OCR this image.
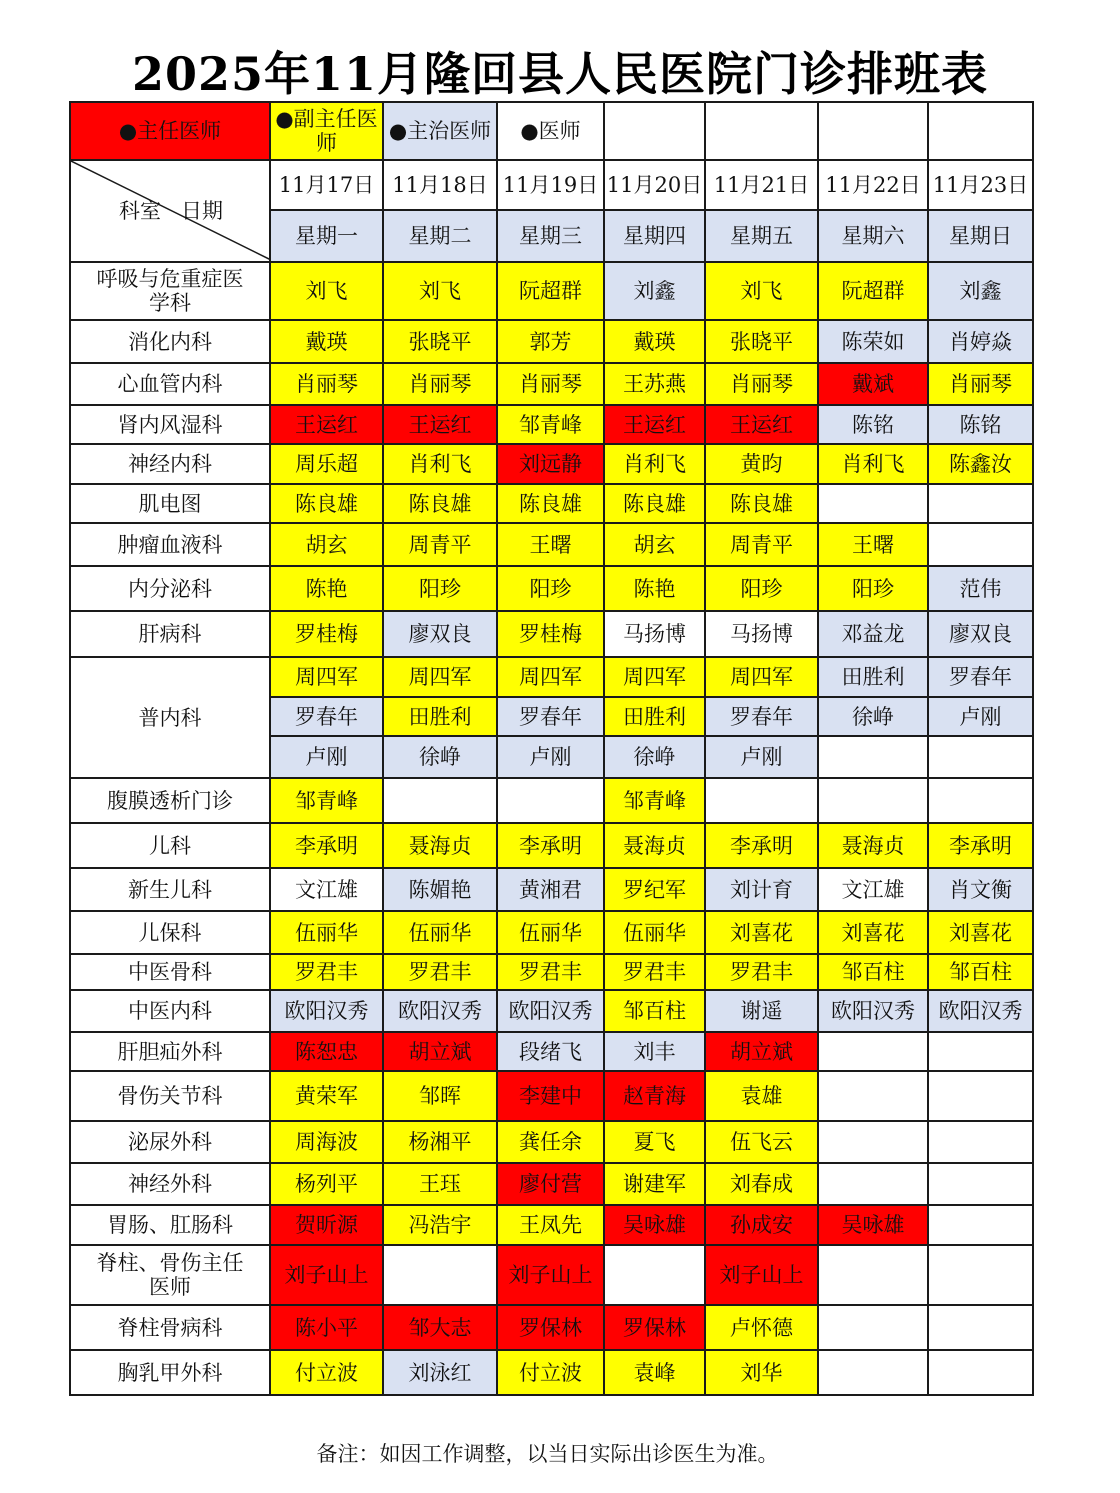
2025年11月隆回县人民医院门诊排班表
●主任医师	●副主任医师	●主治医师	●医师				

科室 日期	11月17日	11月18日	11月19日	11月20日	11月21日	11月22日	11月23日
	星期一	星期二	星期三	星期四	星期五	星期六	星期日
呼吸与危重症医学科	刘飞	刘飞	阮超群	刘鑫	刘飞	阮超群	刘鑫
消化内科	戴瑛	张晓平	郭芳	戴瑛	张晓平	陈荣如	肖婷焱
心血管内科	肖丽琴	肖丽琴	肖丽琴	王苏燕	肖丽琴	戴斌	肖丽琴
肾内风湿科	王运红	王运红	邹青峰	王运红	王运红	陈铭	陈铭
神经内科	周乐超	肖利飞	刘远静	肖利飞	黄昀	肖利飞	陈鑫汝
肌电图	陈良雄	陈良雄	陈良雄	陈良雄	陈良雄		
肿瘤血液科	胡玄	周青平	王曙	胡玄	周青平	王曙	
内分泌科	陈艳	阳珍	阳珍	陈艳	阳珍	阳珍	范伟
肝病科	罗桂梅	廖双良	罗桂梅	马扬博	马扬博	邓益龙	廖双良
普内科	周四军	周四军	周四军	周四军	周四军	田胜利	罗春年
	罗春年	田胜利	罗春年	田胜利	罗春年	徐峥	卢刚
	卢刚	徐峥	卢刚	徐峥	卢刚		
腹膜透析门诊	邹青峰			邹青峰			
儿科	李承明	聂海贞	李承明	聂海贞	李承明	聂海贞	李承明
新生儿科	文江雄	陈媚艳	黄湘君	罗纪军	刘计育	文江雄	肖文衡
儿保科	伍丽华	伍丽华	伍丽华	伍丽华	刘喜花	刘喜花	刘喜花
中医骨科	罗君丰	罗君丰	罗君丰	罗君丰	罗君丰	邹百柱	邹百柱
中医内科	欧阳汉秀	欧阳汉秀	欧阳汉秀	邹百柱	谢遥	欧阳汉秀	欧阳汉秀
肝胆疝外科	陈恕忠	胡立斌	段绪飞	刘丰	胡立斌		
骨伤关节科	黄荣军	邹晖	李建中	赵青海	袁雄		
泌尿外科	周海波	杨湘平	龚任余	夏飞	伍飞云		
神经外科	杨列平	王珏	廖付营	谢建军	刘春成		
胃肠、肛肠科	贺昕源	冯浩宇	王凤先	吴咏雄	孙成安	吴咏雄	
脊柱、骨伤主任医师	刘子山上		刘子山上		刘子山上		
脊柱骨病科	陈小平	邹大志	罗保林	罗保林	卢怀德		
胸乳甲外科	付立波	刘泳红	付立波	袁峰	刘华		
备注：如因工作调整，以当日实际出诊医生为准。
